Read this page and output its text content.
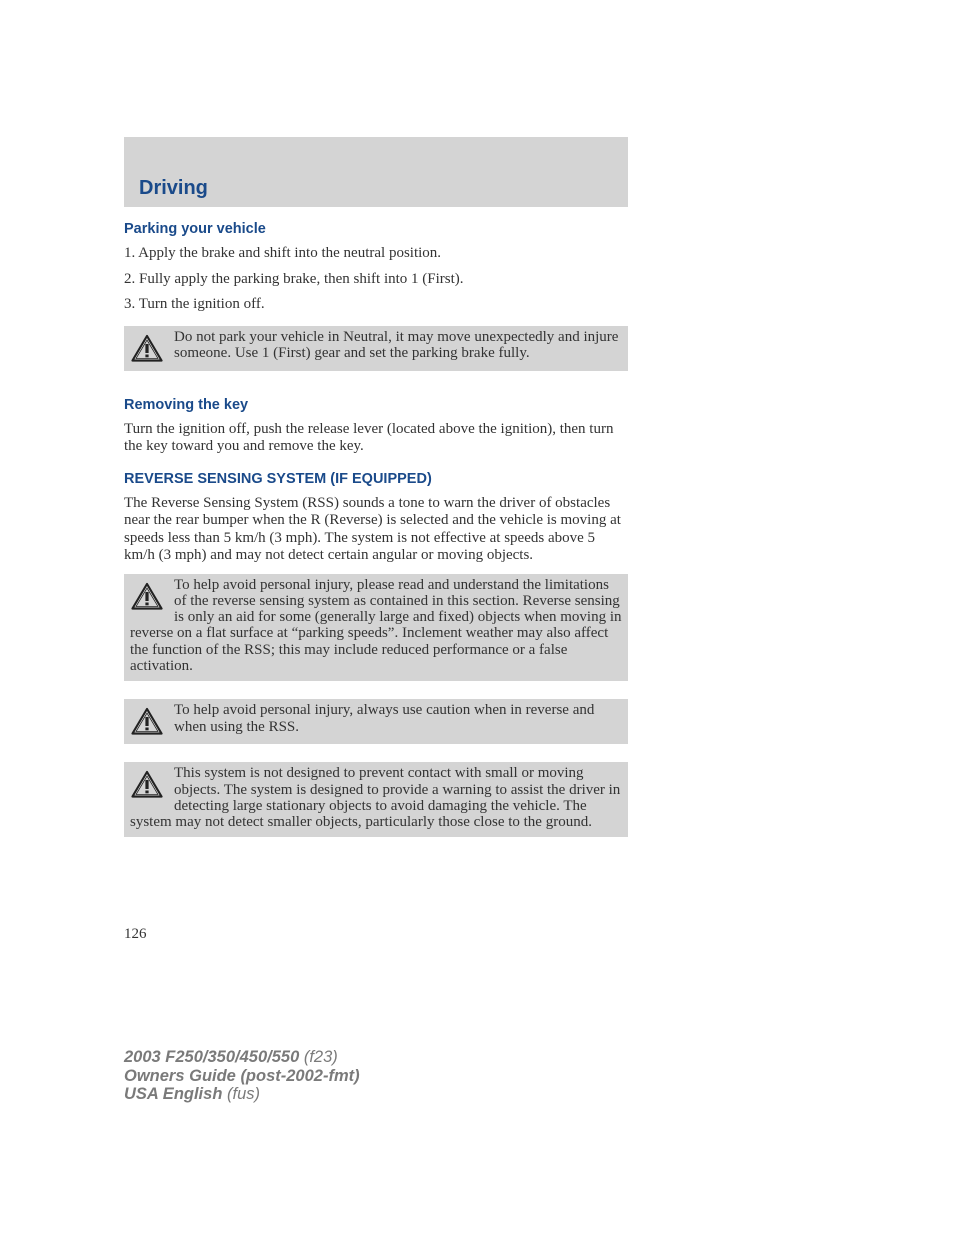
Driving
Parking your vehicle

1. Apply the brake and shift into the neutral position.

2. Fully apply the parking brake, then shift into 1 (First).

3. Turn the ignition off.

Do not park your vehicle in Neutral, it may move unexpectedly and injure someone. Use 1 (First) gear and set the parking brake fully.
Removing the key

Turn the ignition off, push the release lever (located above the ignition), then turn the key toward you and remove the key.

REVERSE SENSING SYSTEM (IF EQUIPPED)

The Reverse Sensing System (RSS) sounds a tone to warn the driver of obstacles near the rear bumper when the R (Reverse) is selected and the vehicle is moving at speeds less than 5 km/h (3 mph). The system is not effective at speeds above 5 km/h (3 mph) and may not detect certain angular or moving objects.

To help avoid personal injury, please read and understand the limitations of the reverse sensing system as contained in this section. Reverse sensing is only an aid for some (generally large and fixed) objects when moving in reverse on a flat surface at “parking speeds”. Inclement weather may also affect the function of the RSS; this may include reduced performance or a false activation.
To help avoid personal injury, always use caution when in reverse and when using the RSS.
This system is not designed to prevent contact with small or moving objects. The system is designed to provide a warning to assist the driver in detecting large stationary objects to avoid damaging the vehicle. The system may not detect smaller objects, particularly those close to the ground.
126
2003 F250/350/450/550 (f23)
Owners Guide (post-2002-fmt)
USA English (fus)
